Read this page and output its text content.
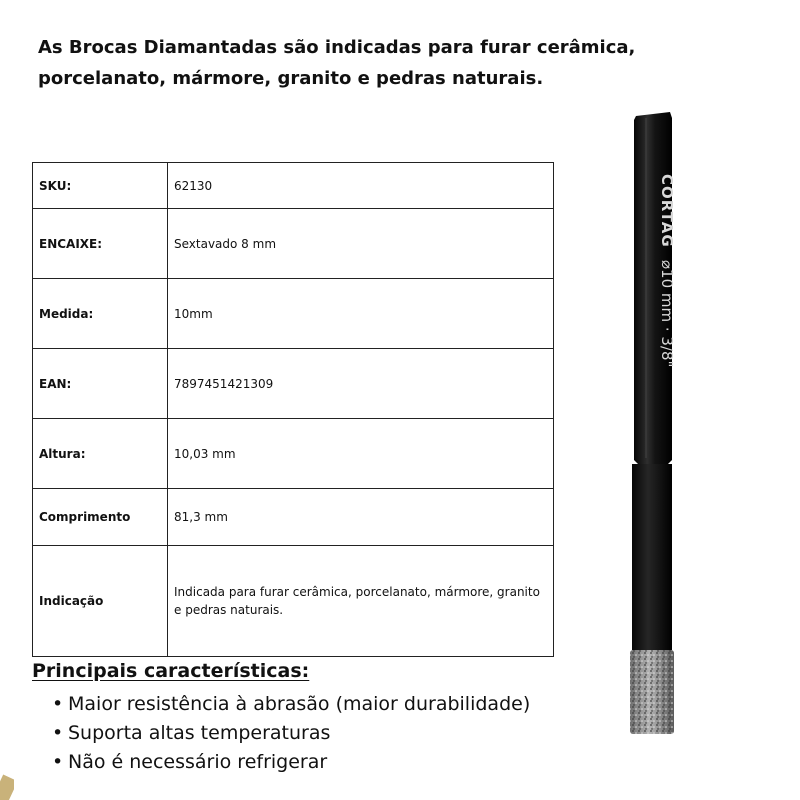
As Brocas Diamantadas são indicadas para furar cerâmica, porcelanato, mármore, granito e pedras naturais.
SKU:	62130
ENCAIXE:	Sextavado 8 mm
Medida:	10mm
EAN:	7897451421309
Altura:	10,03 mm
Comprimento	81,3 mm
Indicação	Indicada para furar cerâmica, porcelanato, mármore, granito e pedras naturais.
Principais características:
• Maior resistência à abrasão (maior durabilidade)
• Suporta altas temperaturas
• Não é necessário refrigerar
CORTAG
⌀10 mm · 3/8"
